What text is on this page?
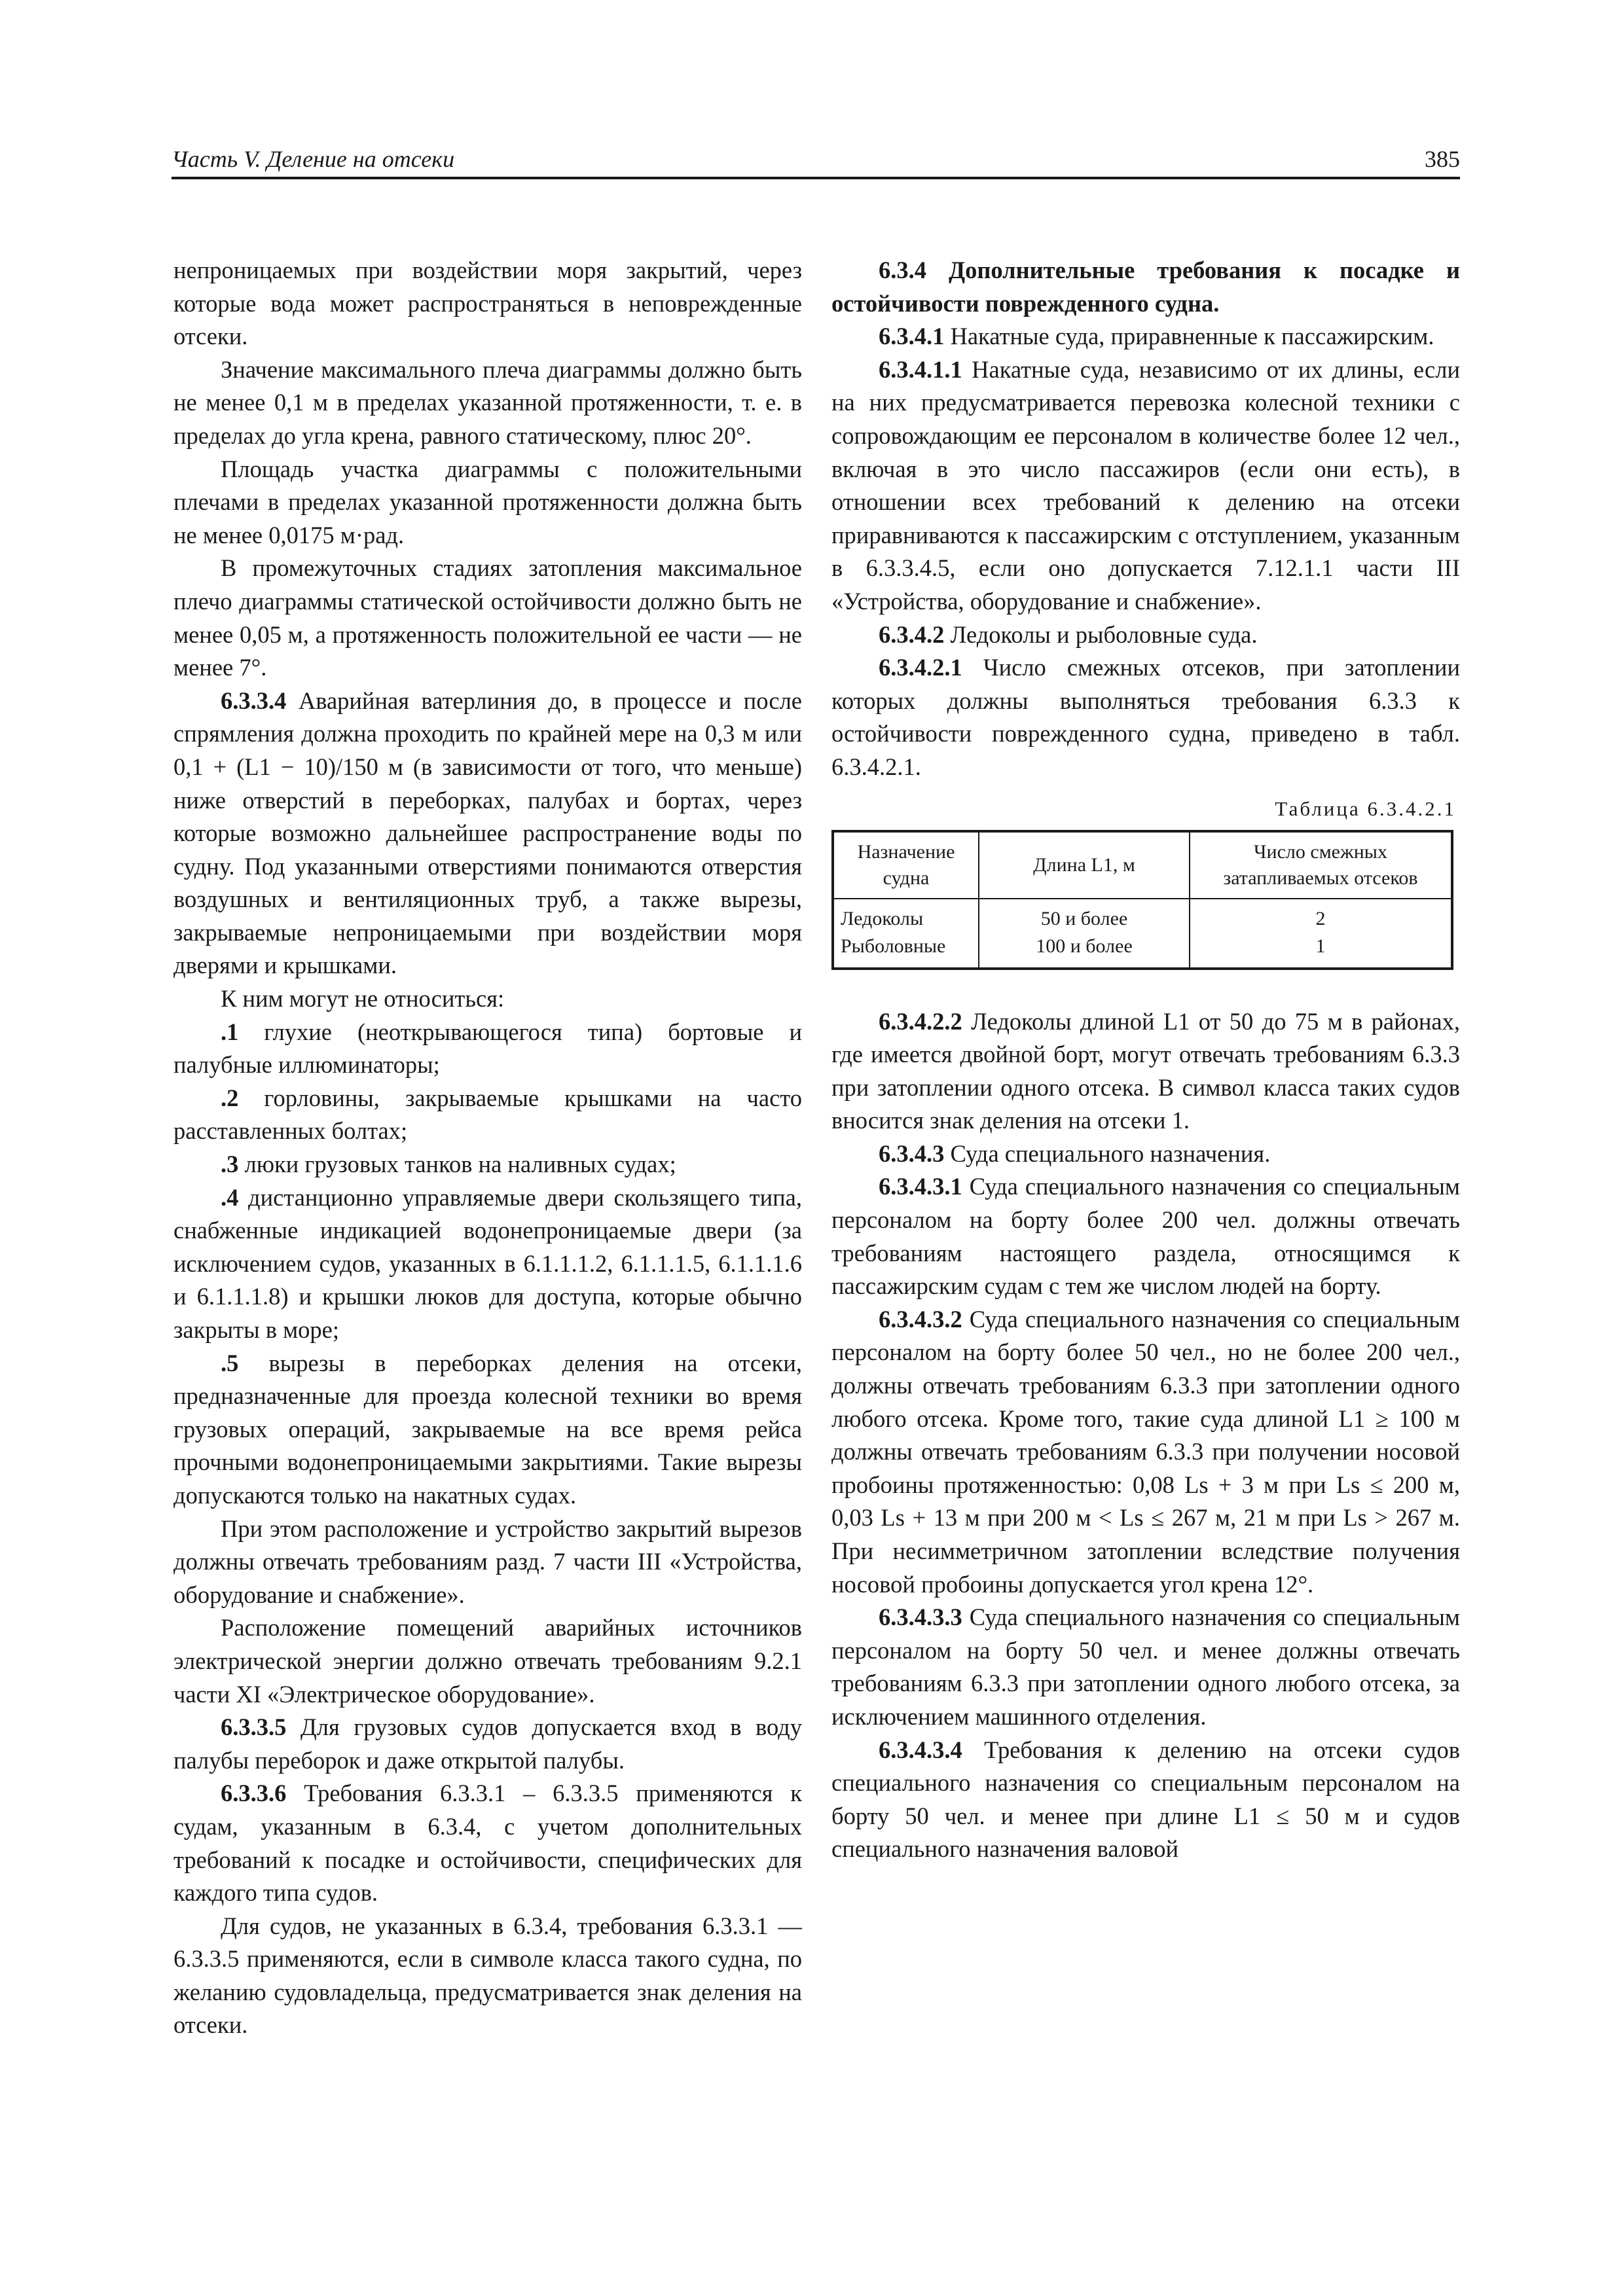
Часть V. Деление на отсеки	385

непроницаемых при воздействии моря закрытий, через которые вода может распространяться в неповрежденные отсеки.

Значение максимального плеча диаграммы должно быть не менее 0,1 м в пределах указанной протяженности, т. е. в пределах до угла крена, равного статическому, плюс 20°.

Площадь участка диаграммы с положительными плечами в пределах указанной протяженности должна быть не менее 0,0175 м·рад.

В промежуточных стадиях затопления максимальное плечо диаграммы статической остойчивости должно быть не менее 0,05 м, а протяженность положительной ее части — не менее 7°.

6.3.3.4 Аварийная ватерлиния до, в процессе и после спрямления должна проходить по крайней мере на 0,3 м или 0,1 + (L1 − 10)/150 м (в зависимости от того, что меньше) ниже отверстий в переборках, палубах и бортах, через которые возможно дальнейшее распространение воды по судну. Под указанными отверстиями понимаются отверстия воздушных и вентиляционных труб, а также вырезы, закрываемые непроницаемыми при воздействии моря дверями и крышками.

К ним могут не относиться:

.1 глухие (неоткрывающегося типа) бортовые и палубные иллюминаторы;

.2 горловины, закрываемые крышками на часто расставленных болтах;

.3 люки грузовых танков на наливных судах;

.4 дистанционно управляемые двери скользящего типа, снабженные индикацией водонепроницаемые двери (за исключением судов, указанных в 6.1.1.1.2, 6.1.1.1.5, 6.1.1.1.6 и 6.1.1.1.8) и крышки люков для доступа, которые обычно закрыты в море;

.5 вырезы в переборках деления на отсеки, предназначенные для проезда колесной техники во время грузовых операций, закрываемые на все время рейса прочными водонепроницаемыми закрытиями. Такие вырезы допускаются только на накатных судах.

При этом расположение и устройство закрытий вырезов должны отвечать требованиям разд. 7 части III «Устройства, оборудование и снабжение».

Расположение помещений аварийных источников электрической энергии должно отвечать требованиям 9.2.1 части XI «Электрическое оборудование».

6.3.3.5 Для грузовых судов допускается вход в воду палубы переборок и даже открытой палубы.

6.3.3.6 Требования 6.3.3.1 – 6.3.3.5 применяются к судам, указанным в 6.3.4, с учетом дополнительных требований к посадке и остойчивости, специфических для каждого типа судов.

Для судов, не указанных в 6.3.4, требования 6.3.3.1 — 6.3.3.5 применяются, если в символе класса такого судна, по желанию судовладельца, предусматривается знак деления на отсеки.

6.3.4 Дополнительные требования к посадке и остойчивости поврежденного судна.

6.3.4.1 Накатные суда, приравненные к пассажирским.

6.3.4.1.1 Накатные суда, независимо от их длины, если на них предусматривается перевозка колесной техники с сопровождающим ее персоналом в количестве более 12 чел., включая в это число пассажиров (если они есть), в отношении всех требований к делению на отсеки приравниваются к пассажирским с отступлением, указанным в 6.3.3.4.5, если оно допускается 7.12.1.1 части III «Устройства, оборудование и снабжение».

6.3.4.2 Ледоколы и рыболовные суда.

6.3.4.2.1 Число смежных отсеков, при затоплении которых должны выполняться требования 6.3.3 к остойчивости поврежденного судна, приведено в табл. 6.3.4.2.1.

Таблица 6.3.4.2.1
Назначение судна	Длина L1, м	Число смежных затапливаемых отсеков
Ледоколы	50 и более	2
Рыболовные	100 и более	1

6.3.4.2.2 Ледоколы длиной L1 от 50 до 75 м в районах, где имеется двойной борт, могут отвечать требованиям 6.3.3 при затоплении одного отсека. В символ класса таких судов вносится знак деления на отсеки 1.

6.3.4.3 Суда специального назначения.

6.3.4.3.1 Суда специального назначения со специальным персоналом на борту более 200 чел. должны отвечать требованиям настоящего раздела, относящимся к пассажирским судам с тем же числом людей на борту.

6.3.4.3.2 Суда специального назначения со специальным персоналом на борту более 50 чел., но не более 200 чел., должны отвечать требованиям 6.3.3 при затоплении одного любого отсека. Кроме того, такие суда длиной L1 ≥ 100 м должны отвечать требованиям 6.3.3 при получении носовой пробоины протяженностью: 0,08 Ls + 3 м при Ls ≤ 200 м, 0,03 Ls + 13 м при 200 м < Ls ≤ 267 м, 21 м при Ls > 267 м. При несимметричном затоплении вследствие получения носовой пробоины допускается угол крена 12°.

6.3.4.3.3 Суда специального назначения со специальным персоналом на борту 50 чел. и менее должны отвечать требованиям 6.3.3 при затоплении одного любого отсека, за исключением машинного отделения.

6.3.4.3.4 Требования к делению на отсеки судов специального назначения со специальным персоналом на борту 50 чел. и менее при длине L1 ≤ 50 м и судов специального назначения валовой
